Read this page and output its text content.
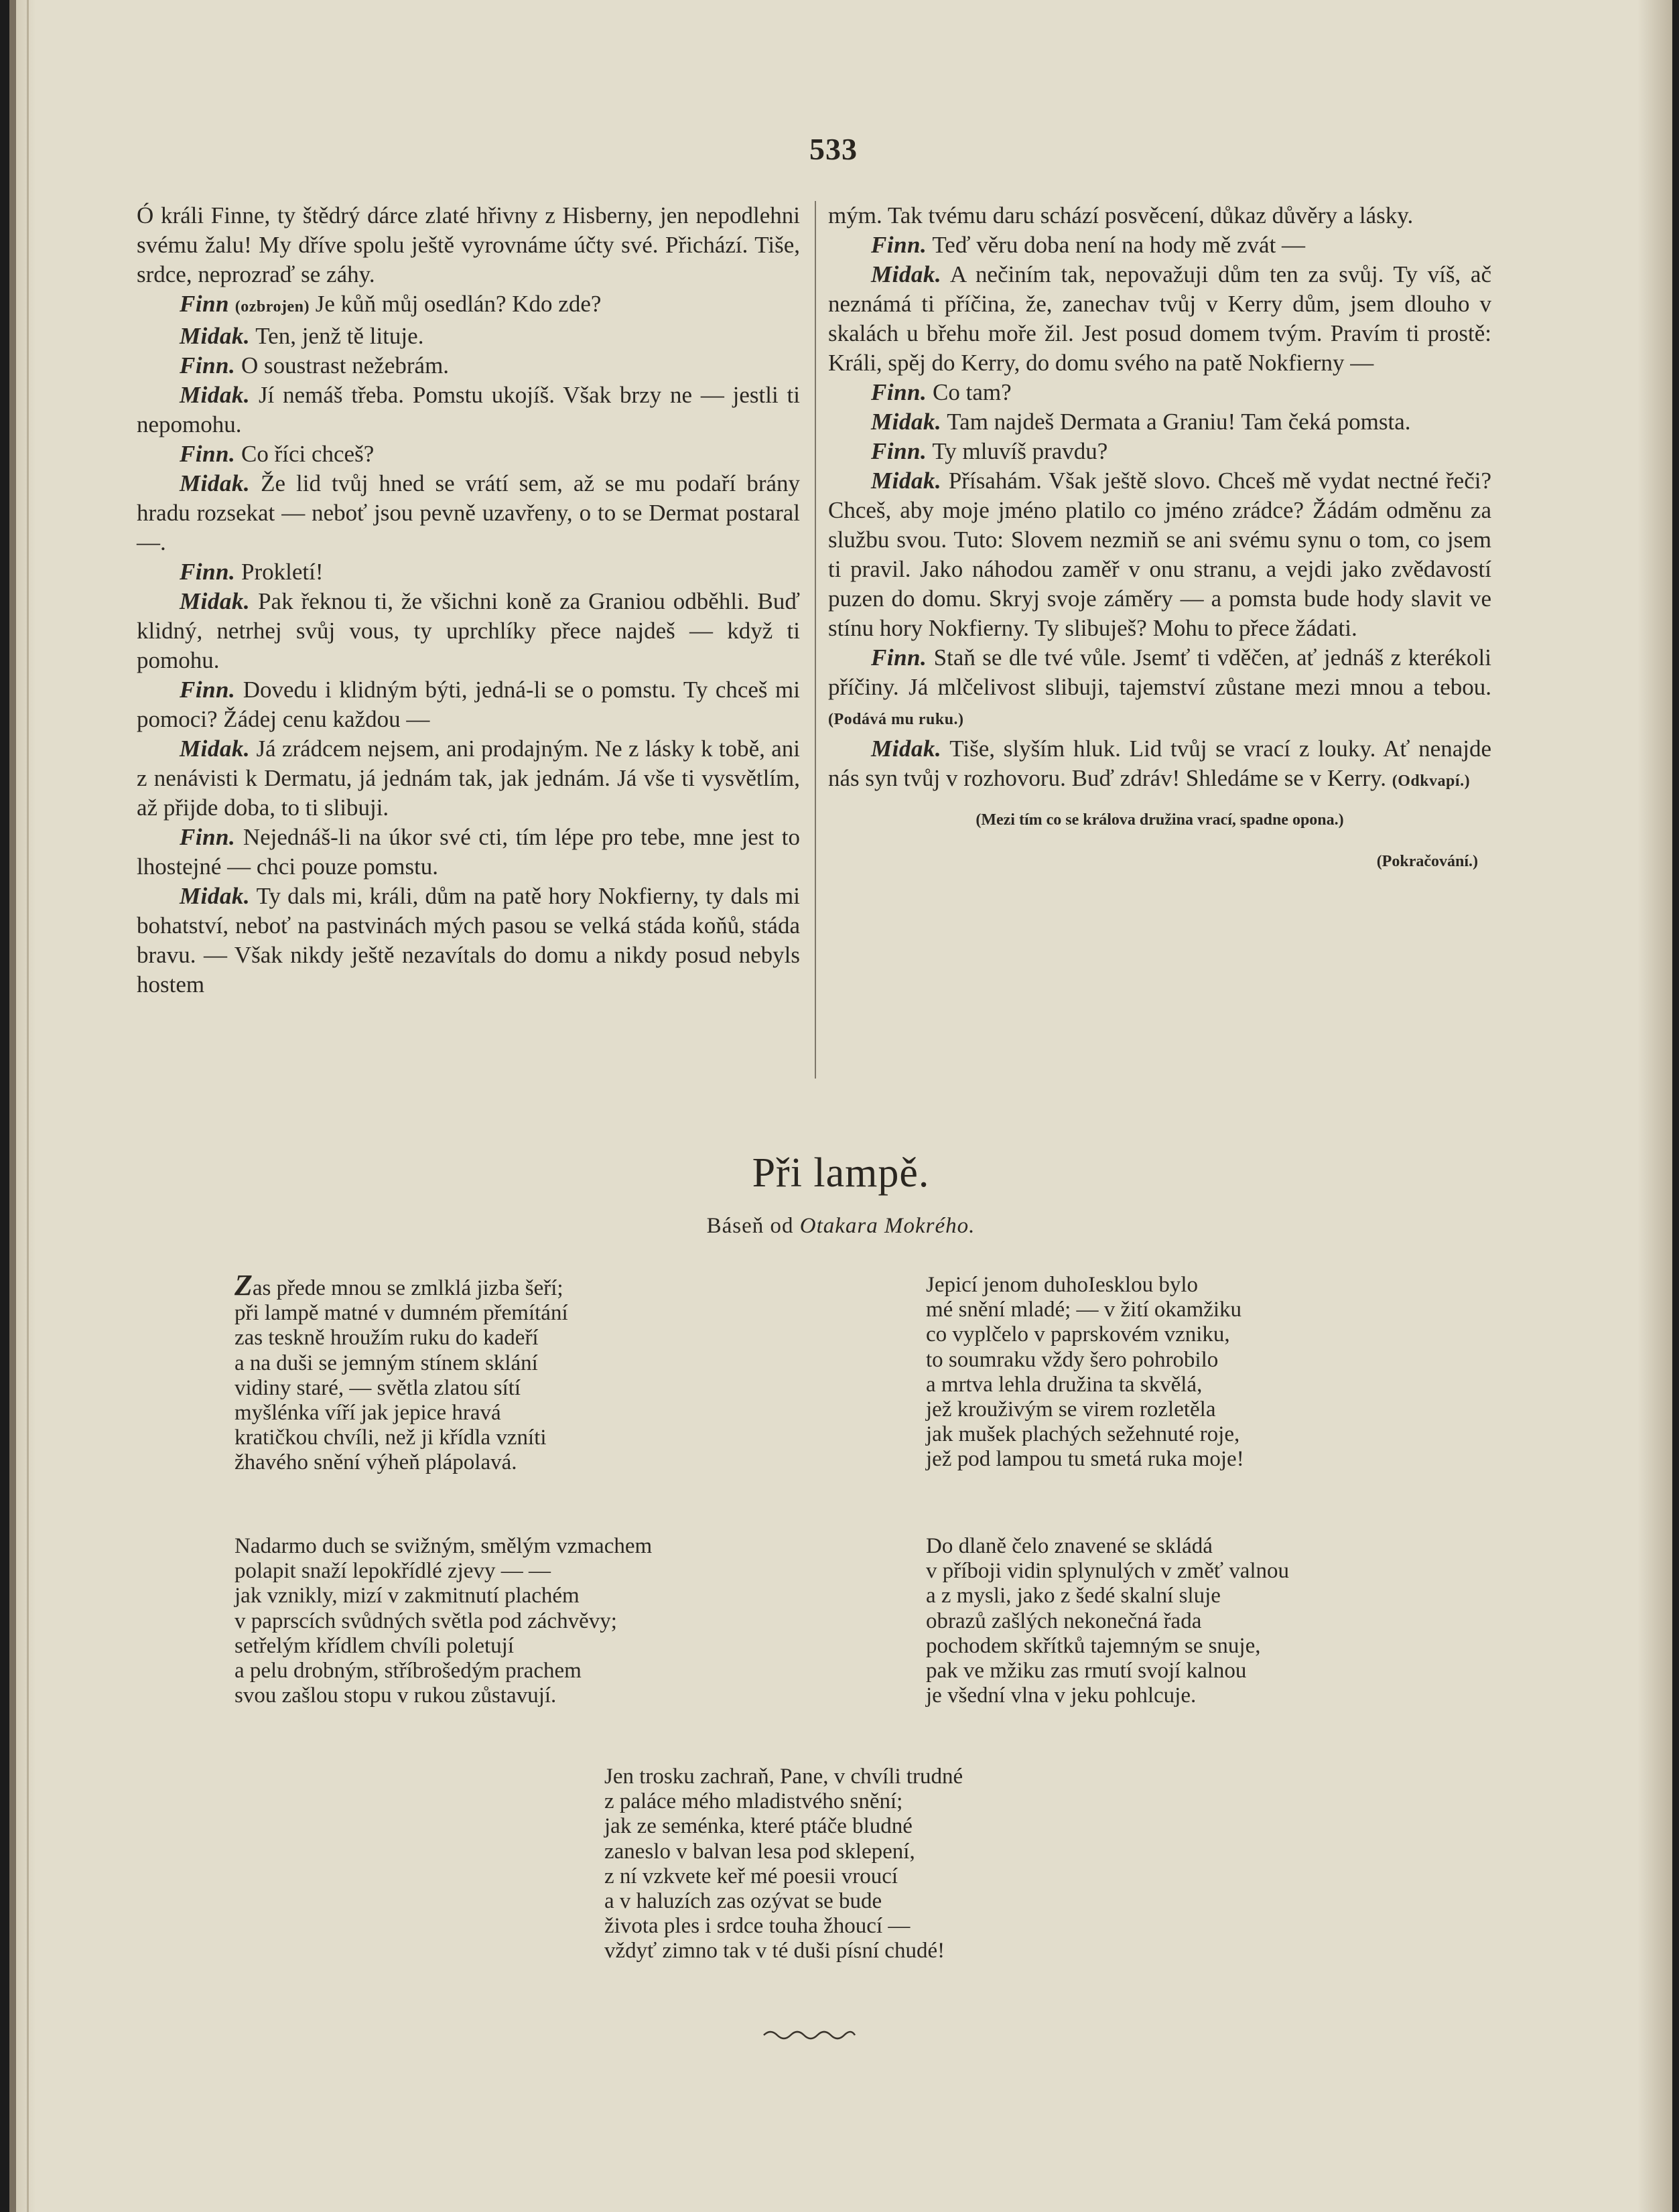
533

Ó králi Finne, ty štědrý dárce zlaté hřivny z Hisberny, jen nepodlehni svému žalu! My dříve spolu ještě vyrovnáme účty své. Přichází. Tiše, srdce, neprozraď se záhy.

Finn (ozbrojen) Je kůň můj osedlán? Kdo zde?

Midak. Ten, jenž tě lituje.

Finn. O soustrast nežebrám.

Midak. Jí nemáš třeba. Pomstu ukojíš. Však brzy ne — jestli ti nepomohu.

Finn. Co říci chceš?

Midak. Že lid tvůj hned se vrátí sem, až se mu podaří brány hradu rozsekat — neboť jsou pevně uzavřeny, o to se Dermat postaral —.

Finn. Prokletí!

Midak. Pak řeknou ti, že všichni koně za Graniou odběhli. Buď klidný, netrhej svůj vous, ty uprchlíky přece najdeš — když ti pomohu.

Finn. Dovedu i klidným býti, jedná-li se o pomstu. Ty chceš mi pomoci? Žádej cenu každou —

Midak. Já zrádcem nejsem, ani prodajným. Ne z lásky k tobě, ani z nenávisti k Dermatu, já jednám tak, jak jednám. Já vše ti vysvětlím, až přijde doba, to ti slibuji.

Finn. Nejednáš-li na úkor své cti, tím lépe pro tebe, mne jest to lhostejné — chci pouze pomstu.

Midak. Ty dals mi, králi, dům na patě hory Nokfierny, ty dals mi bohatství, neboť na pastvinách mých pasou se velká stáda koňů, stáda bravu. — Však nikdy ještě nezavítals do domu a nikdy posud nebyls hostem

mým. Tak tvému daru schází posvěcení, důkaz důvěry a lásky.

Finn. Teď věru doba není na hody mě zvát —

Midak. A nečiním tak, nepovažuji dům ten za svůj. Ty víš, ač neznámá ti příčina, že, zanechav tvůj v Kerry dům, jsem dlouho v skalách u břehu moře žil. Jest posud domem tvým. Pravím ti prostě: Králi, spěj do Kerry, do domu svého na patě Nokfierny —

Finn. Co tam?

Midak. Tam najdeš Dermata a Graniu! Tam čeká pomsta.

Finn. Ty mluvíš pravdu?

Midak. Přísahám. Však ještě slovo. Chceš mě vydat nectné řeči? Chceš, aby moje jméno platilo co jméno zrádce? Žádám odměnu za službu svou. Tuto: Slovem nezmiň se ani svému synu o tom, co jsem ti pravil. Jako náhodou zaměř v onu stranu, a vejdi jako zvědavostí puzen do domu. Skryj svoje záměry — a pomsta bude hody slavit ve stínu hory Nokfierny. Ty slibuješ? Mohu to přece žádati.

Finn. Staň se dle tvé vůle. Jsemť ti vděčen, ať jednáš z kterékoli příčiny. Já mlčelivost slibuji, tajemství zůstane mezi mnou a tebou. (Podává mu ruku.)

Midak. Tiše, slyším hluk. Lid tvůj se vrací z louky. Ať nenajde nás syn tvůj v rozhovoru. Buď zdráv! Shledáme se v Kerry. (Odkvapí.)

(Mezi tím co se králova družina vrací, spadne opona.)
(Pokračování.)
Při lampě.
Báseň od Otakara Mokrého.
Zas přede mnou se zmlklá jizba šeří;
při lampě matné v dumném přemítání
zas teskně hroužím ruku do kadeří
a na duši se jemným stínem sklání
vidiny staré, — světla zlatou sítí
myšlénka víří jak jepice hravá
kratičkou chvíli, než ji křídla vzníti
žhavého snění výheň plápolavá.
Nadarmo duch se svižným, smělým vzmachem
polapit snaží lepokřídlé zjevy — —
jak vznikly, mizí v zakmitnutí plachém
v paprscích svůdných světla pod záchvěvy;
setřelým křídlem chvíli poletují
a pelu drobným, stříbrošedým prachem
svou zašlou stopu v rukou zůstavují.
Jepicí jenom duhoIesklou bylo
mé snění mladé; — v žití okamžiku
co vyplčelo v paprskovém vzniku,
to soumraku vždy šero pohrobilo
a mrtva lehla družina ta skvělá,
jež krouživým se virem rozletěla
jak mušek plachých sežehnuté roje,
jež pod lampou tu smetá ruka moje!
Do dlaně čelo znavené se skládá
v příboji vidin splynulých v změť valnou
a z mysli, jako z šedé skalní sluje
obrazů zašlých nekonečná řada
pochodem skřítků tajemným se snuje,
pak ve mžiku zas rmutí svojí kalnou
je všední vlna v jeku pohlcuje.
Jen trosku zachraň, Pane, v chvíli trudné
z paláce mého mladistvého snění;
jak ze seménka, které ptáče bludné
zaneslo v balvan lesa pod sklepení,
z ní vzkvete keř mé poesii vroucí
a v haluzích zas ozývat se bude
života ples i srdce touha žhoucí —
vždyť zimno tak v té duši písní chudé!
